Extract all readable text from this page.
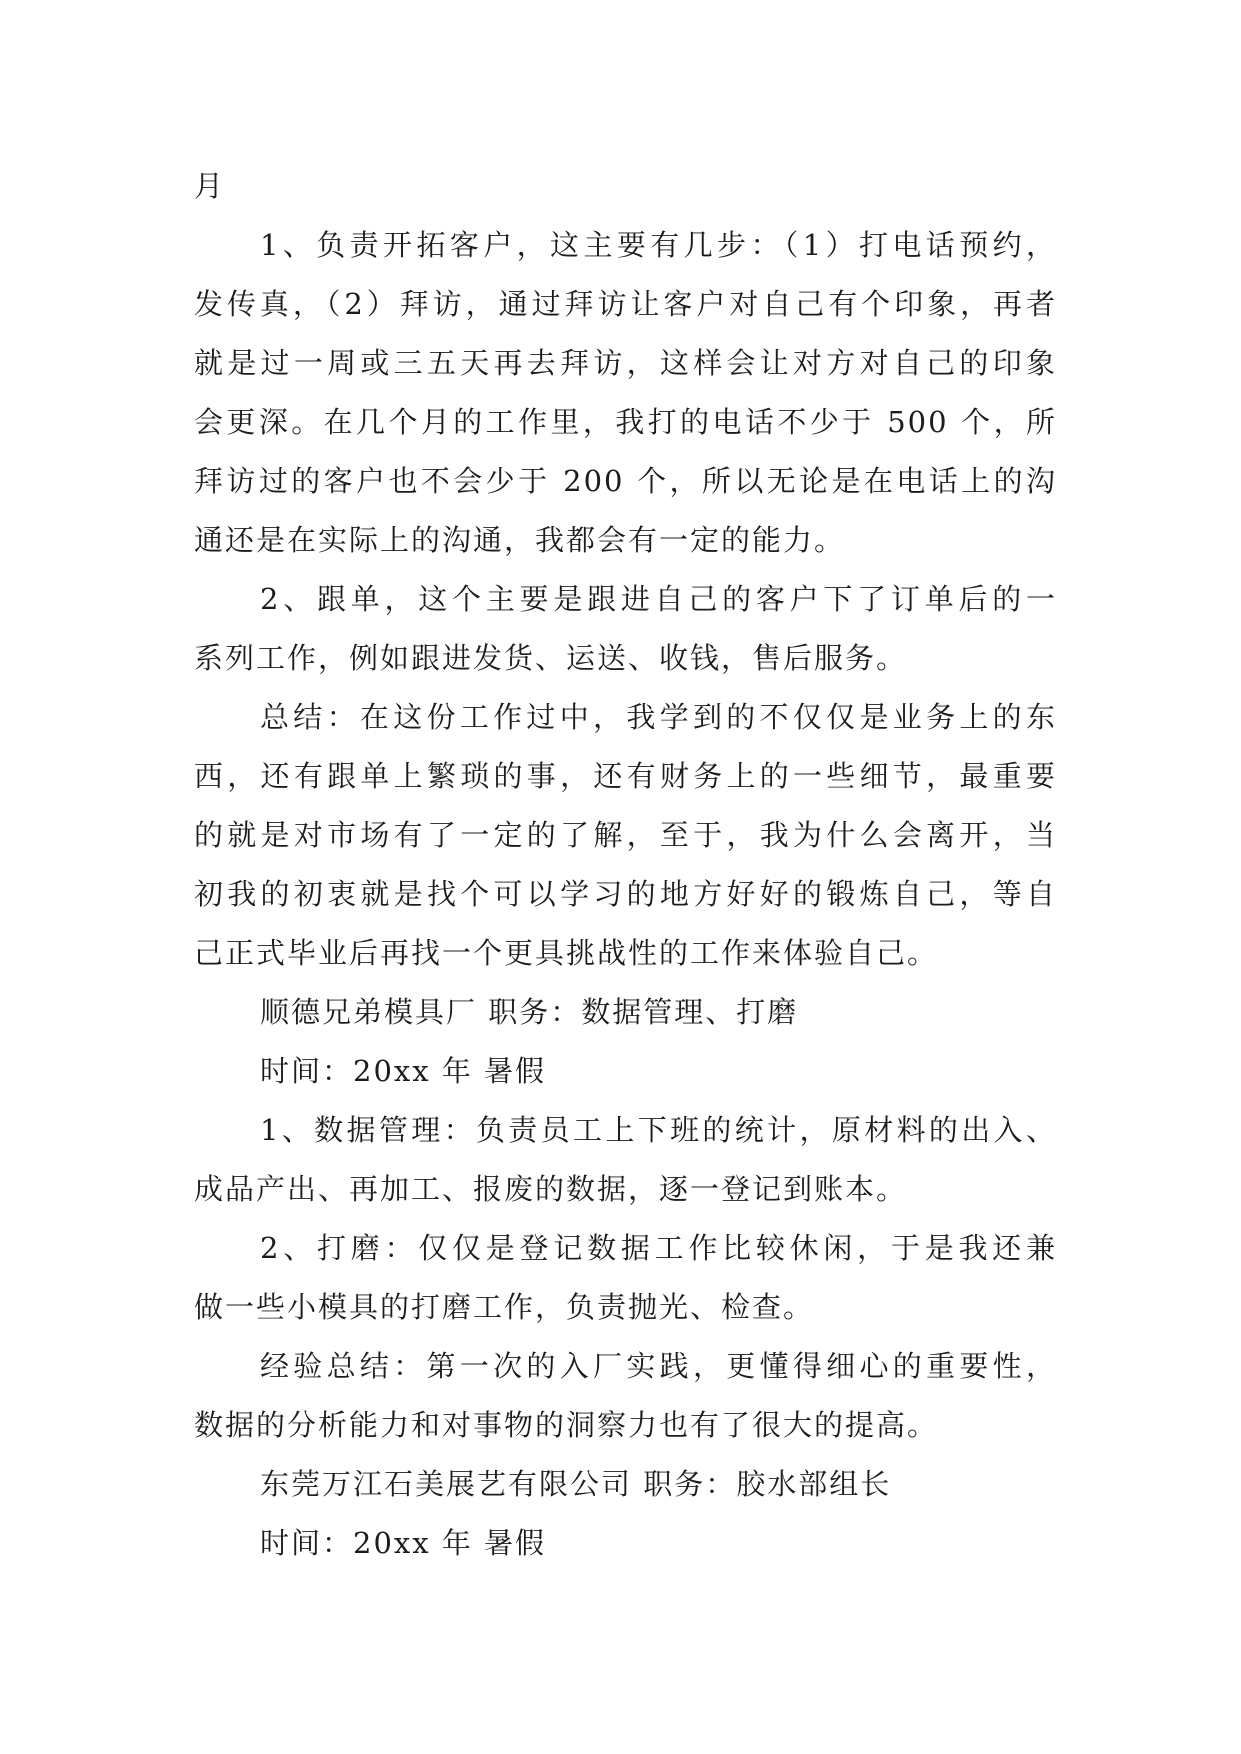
月
1、负责开拓客户，这主要有几步：（1）打电话预约，
发传真，（2）拜访，通过拜访让客户对自己有个印象，再者
就是过一周或三五天再去拜访，这样会让对方对自己的印象
会更深。在几个月的工作里，我打的电话不少于 500 个，所
拜访过的客户也不会少于 200 个，所以无论是在电话上的沟
通还是在实际上的沟通，我都会有一定的能力。
2、跟单，这个主要是跟进自己的客户下了订单后的一
系列工作，例如跟进发货、运送、收钱，售后服务。
总结：在这份工作过中，我学到的不仅仅是业务上的东
西，还有跟单上繁琐的事，还有财务上的一些细节，最重要
的就是对市场有了一定的了解，至于，我为什么会离开，当
初我的初衷就是找个可以学习的地方好好的锻炼自己，等自
己正式毕业后再找一个更具挑战性的工作来体验自己。
顺德兄弟模具厂 职务：数据管理、打磨
时间：20xx 年 暑假
1、数据管理：负责员工上下班的统计，原材料的出入、
成品产出、再加工、报废的数据，逐一登记到账本。
2、打磨：仅仅是登记数据工作比较休闲，于是我还兼
做一些小模具的打磨工作，负责抛光、检查。
经验总结：第一次的入厂实践，更懂得细心的重要性，
数据的分析能力和对事物的洞察力也有了很大的提高。
东莞万江石美展艺有限公司 职务：胶水部组长
时间：20xx 年 暑假
